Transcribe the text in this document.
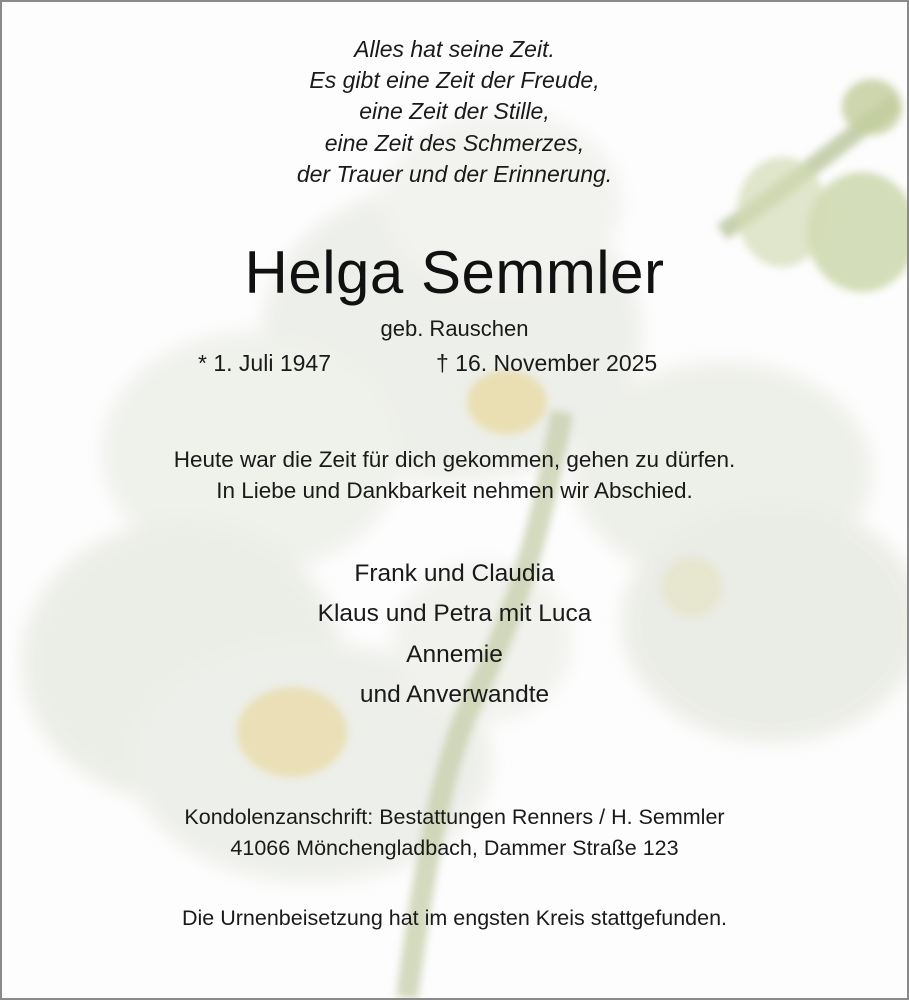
Alles hat seine Zeit.
Es gibt eine Zeit der Freude,
eine Zeit der Stille,
eine Zeit des Schmerzes,
der Trauer und der Erinnerung.
Helga Semmler
geb. Rauschen
* 1. Juli 1947	† 16. November 2025
Heute war die Zeit für dich gekommen, gehen zu dürfen.
In Liebe und Dankbarkeit nehmen wir Abschied.
Frank und Claudia
Klaus und Petra mit Luca
Annemie
und Anverwandte
Kondolenzanschrift: Bestattungen Renners / H. Semmler
41066 Mönchengladbach, Dammer Straße 123
Die Urnenbeisetzung hat im engsten Kreis stattgefunden.
